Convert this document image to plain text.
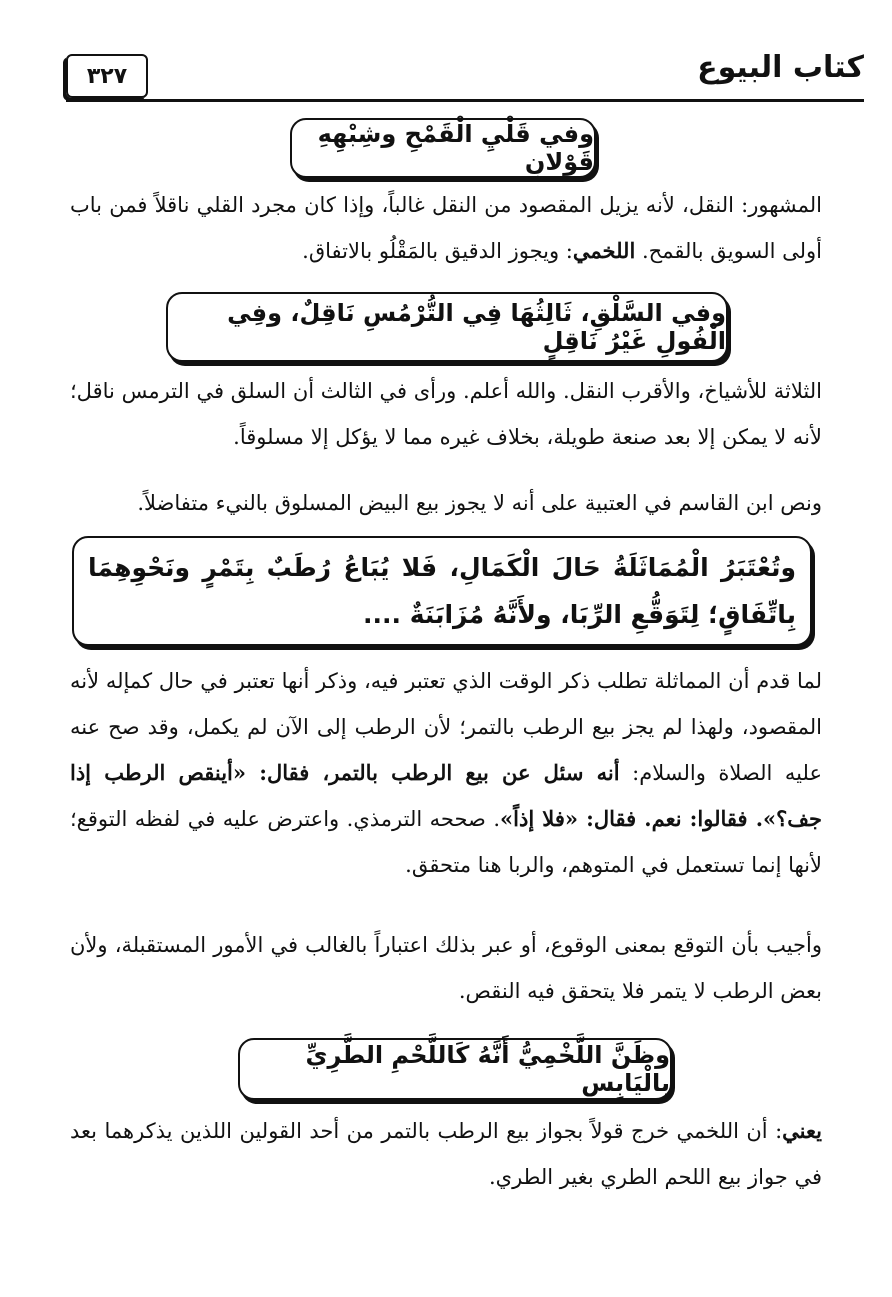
كتاب البيوع
٣٢٧
وفي قَلْيِ الْقَمْحِ وشِبْهِهِ قَوْلانِ
المشهور: النقل، لأنه يزيل المقصود من النقل غالباً، وإذا كان مجرد القلي ناقلاً فمن باب أولى السويق بالقمح. اللخمي: ويجوز الدقيق بالمَقْلُو بالاتفاق.
وفي السَّلْقِ، ثَالِثُهَا فِي التُّرْمُسِ نَاقِلٌ، وفِي الْفُولِ غَيْرُ نَاقِلٍ
الثلاثة للأشياخ، والأقرب النقل. والله أعلم. ورأى في الثالث أن السلق في الترمس ناقل؛ لأنه لا يمكن إلا بعد صنعة طويلة، بخلاف غيره مما لا يؤكل إلا مسلوقاً.
ونص ابن القاسم في العتبية على أنه لا يجوز بيع البيض المسلوق بالنيء متفاضلاً.
وتُعْتَبَرُ الْمُمَاثَلَةُ حَالَ الْكَمَالِ، فَلا يُبَاعُ رُطَبٌ بِتَمْرٍ ونَحْوِهِمَا بِاتِّفَاقٍ؛ لِتَوَقُّعِ الرِّبَا، ولأَنَّهُ مُزَابَنَةٌ ....
لما قدم أن المماثلة تطلب ذكر الوقت الذي تعتبر فيه، وذكر أنها تعتبر في حال كمإله لأنه المقصود، ولهذا لم يجز بيع الرطب بالتمر؛ لأن الرطب إلى الآن لم يكمل، وقد صح عنه عليه الصلاة والسلام: أنه سئل عن بيع الرطب بالتمر، فقال: «أينقص الرطب إذا جف؟». فقالوا: نعم. فقال: «فلا إذاً». صححه الترمذي. واعترض عليه في لفظه التوقع؛ لأنها إنما تستعمل في المتوهم، والربا هنا متحقق.
وأجيب بأن التوقع بمعنى الوقوع، أو عبر بذلك اعتباراً بالغالب في الأمور المستقبلة، ولأن بعض الرطب لا يتمر فلا يتحقق فيه النقص.
وظَنَّ اللَّخْمِيُّ أَنَّهُ كَاللَّحْمِ الطَّرِيِّ بِالْيَابِسِ
يعني: أن اللخمي خرج قولاً بجواز بيع الرطب بالتمر من أحد القولين اللذين يذكرهما بعد في جواز بيع اللحم الطري بغير الطري.
